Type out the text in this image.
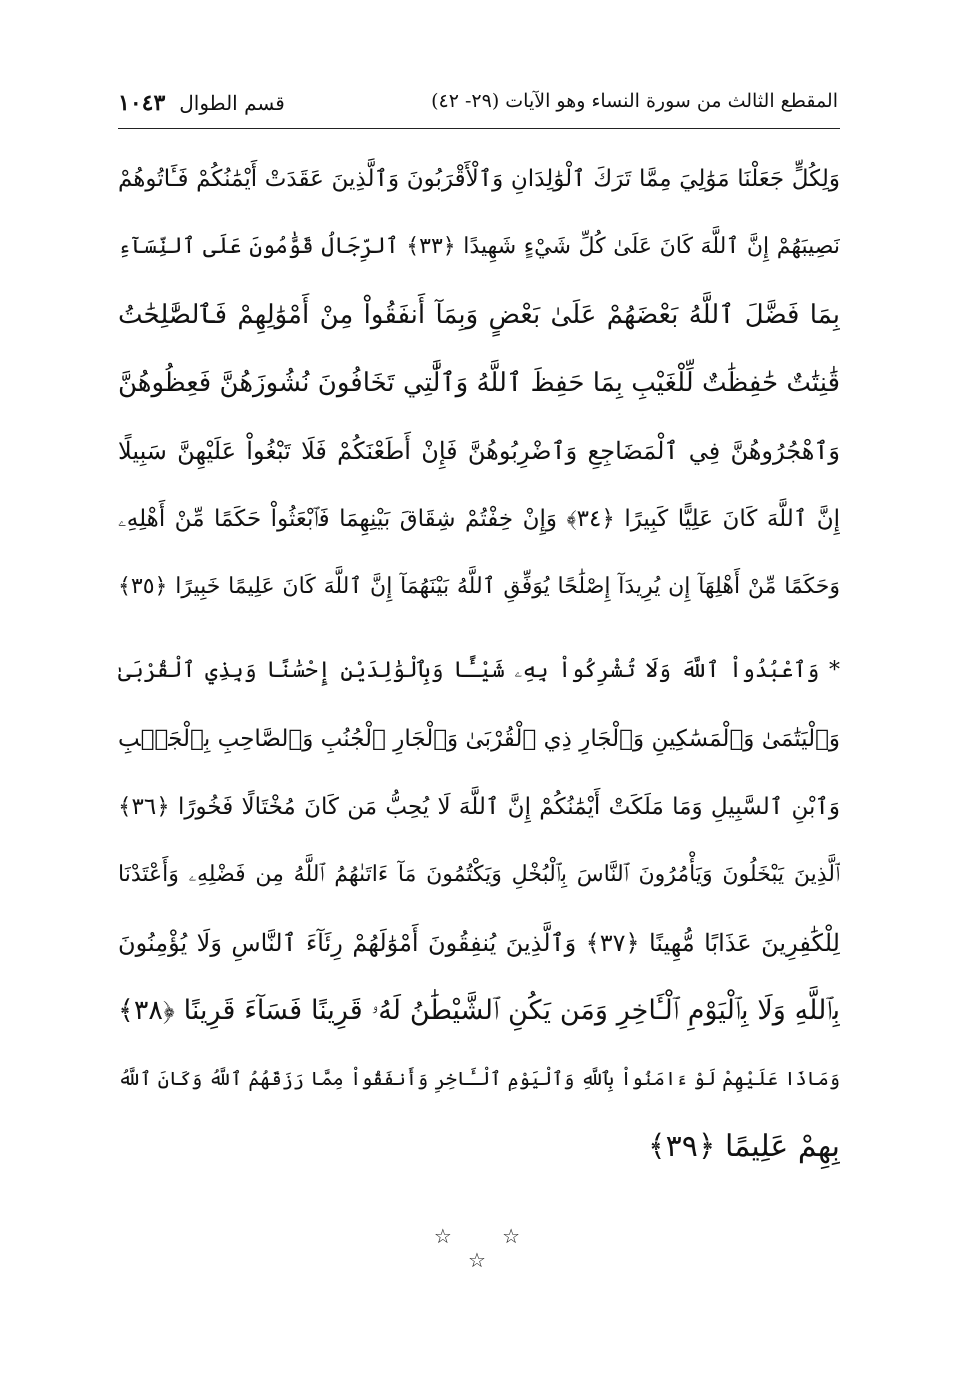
المقطع الثالث من سورة النساء وهو الآيات (٢٩- ٤٢)
قسم الطوال١٠٤٣
وَلِكُلٍّ جَعَلْنَا مَوَٰلِيَ مِمَّا تَرَكَ ٱلْوَٰلِدَانِ وَٱلْأَقْرَبُونَ وَٱلَّذِينَ عَقَدَتْ أَيْمَٰنُكُمْ فَـَٔاتُوهُمْ
نَصِيبَهُمْ إِنَّ ٱللَّهَ كَانَ عَلَىٰ كُلِّ شَيْءٍ شَهِيدًا ﴿٣٣﴾ ٱلرِّجَالُ قَوَّٰمُونَ عَلَى ٱلنِّسَآءِ
بِمَا فَضَّلَ ٱللَّهُ بَعْضَهُمْ عَلَىٰ بَعْضٍ وَبِمَآ أَنفَقُواْ مِنْ أَمْوَٰلِهِمْ فَٱلصَّٰلِحَٰتُ
قَٰنِتَٰتٌ حَٰفِظَٰتٌ لِّلْغَيْبِ بِمَا حَفِظَ ٱللَّهُ وَٱلَّٰتِي تَخَافُونَ نُشُوزَهُنَّ فَعِظُوهُنَّ
وَٱهْجُرُوهُنَّ فِي ٱلْمَضَاجِعِ وَٱضْرِبُوهُنَّ فَإِنْ أَطَعْنَكُمْ فَلَا تَبْغُواْ عَلَيْهِنَّ سَبِيلًا
إِنَّ ٱللَّهَ كَانَ عَلِيًّا كَبِيرًا ﴿٣٤﴾ وَإِنْ خِفْتُمْ شِقَاقَ بَيْنِهِمَا فَٱبْعَثُواْ حَكَمًا مِّنْ أَهْلِهِۦ
وَحَكَمًا مِّنْ أَهْلِهَآ إِن يُرِيدَآ إِصْلَٰحًا يُوَفِّقِ ٱللَّهُ بَيْنَهُمَآ إِنَّ ٱللَّهَ كَانَ عَلِيمًا خَبِيرًا ﴿٣٥﴾
* وَٱعْبُدُواْ ٱللَّهَ وَلَا تُشْرِكُواْ بِهِۦ شَيْـًٔا وَبِٱلْوَٰلِدَيْنِ إِحْسَٰنًا وَبِذِي ٱلْقُرْبَىٰ
وَٱلْيَتَٰمَىٰ وَٱلْمَسَٰكِينِ وَٱلْجَارِ ذِي ٱلْقُرْبَىٰ وَٱلْجَارِ ٱلْجُنُبِ وَٱلصَّاحِبِ بِٱلْجَنۢبِ
وَٱبْنِ ٱلسَّبِيلِ وَمَا مَلَكَتْ أَيْمَٰنُكُمْ إِنَّ ٱللَّهَ لَا يُحِبُّ مَن كَانَ مُخْتَالًا فَخُورًا ﴿٣٦﴾
ٱلَّذِينَ يَبْخَلُونَ وَيَأْمُرُونَ ٱلنَّاسَ بِٱلْبُخْلِ وَيَكْتُمُونَ مَآ ءَاتَىٰهُمُ ٱللَّهُ مِن فَضْلِهِۦ وَأَعْتَدْنَا
لِلْكَٰفِرِينَ عَذَابًا مُّهِينًا ﴿٣٧﴾ وَٱلَّذِينَ يُنفِقُونَ أَمْوَٰلَهُمْ رِئَآءَ ٱلنَّاسِ وَلَا يُؤْمِنُونَ
بِٱللَّهِ وَلَا بِٱلْيَوْمِ ٱلْـَٔاخِرِ وَمَن يَكُنِ ٱلشَّيْطَٰنُ لَهُۥ قَرِينًا فَسَآءَ قَرِينًا ﴿٣٨﴾
وَمَاذَا عَلَيْهِمْ لَوْ ءَامَنُواْ بِٱللَّهِ وَٱلْيَوْمِ ٱلْـَٔاخِرِ وَأَنفَقُواْ مِمَّا رَزَقَهُمُ ٱللَّهُ وَكَانَ ٱللَّهُ
بِهِمْ عَلِيمًا ﴿٣٩﴾
☆ ☆ ☆
